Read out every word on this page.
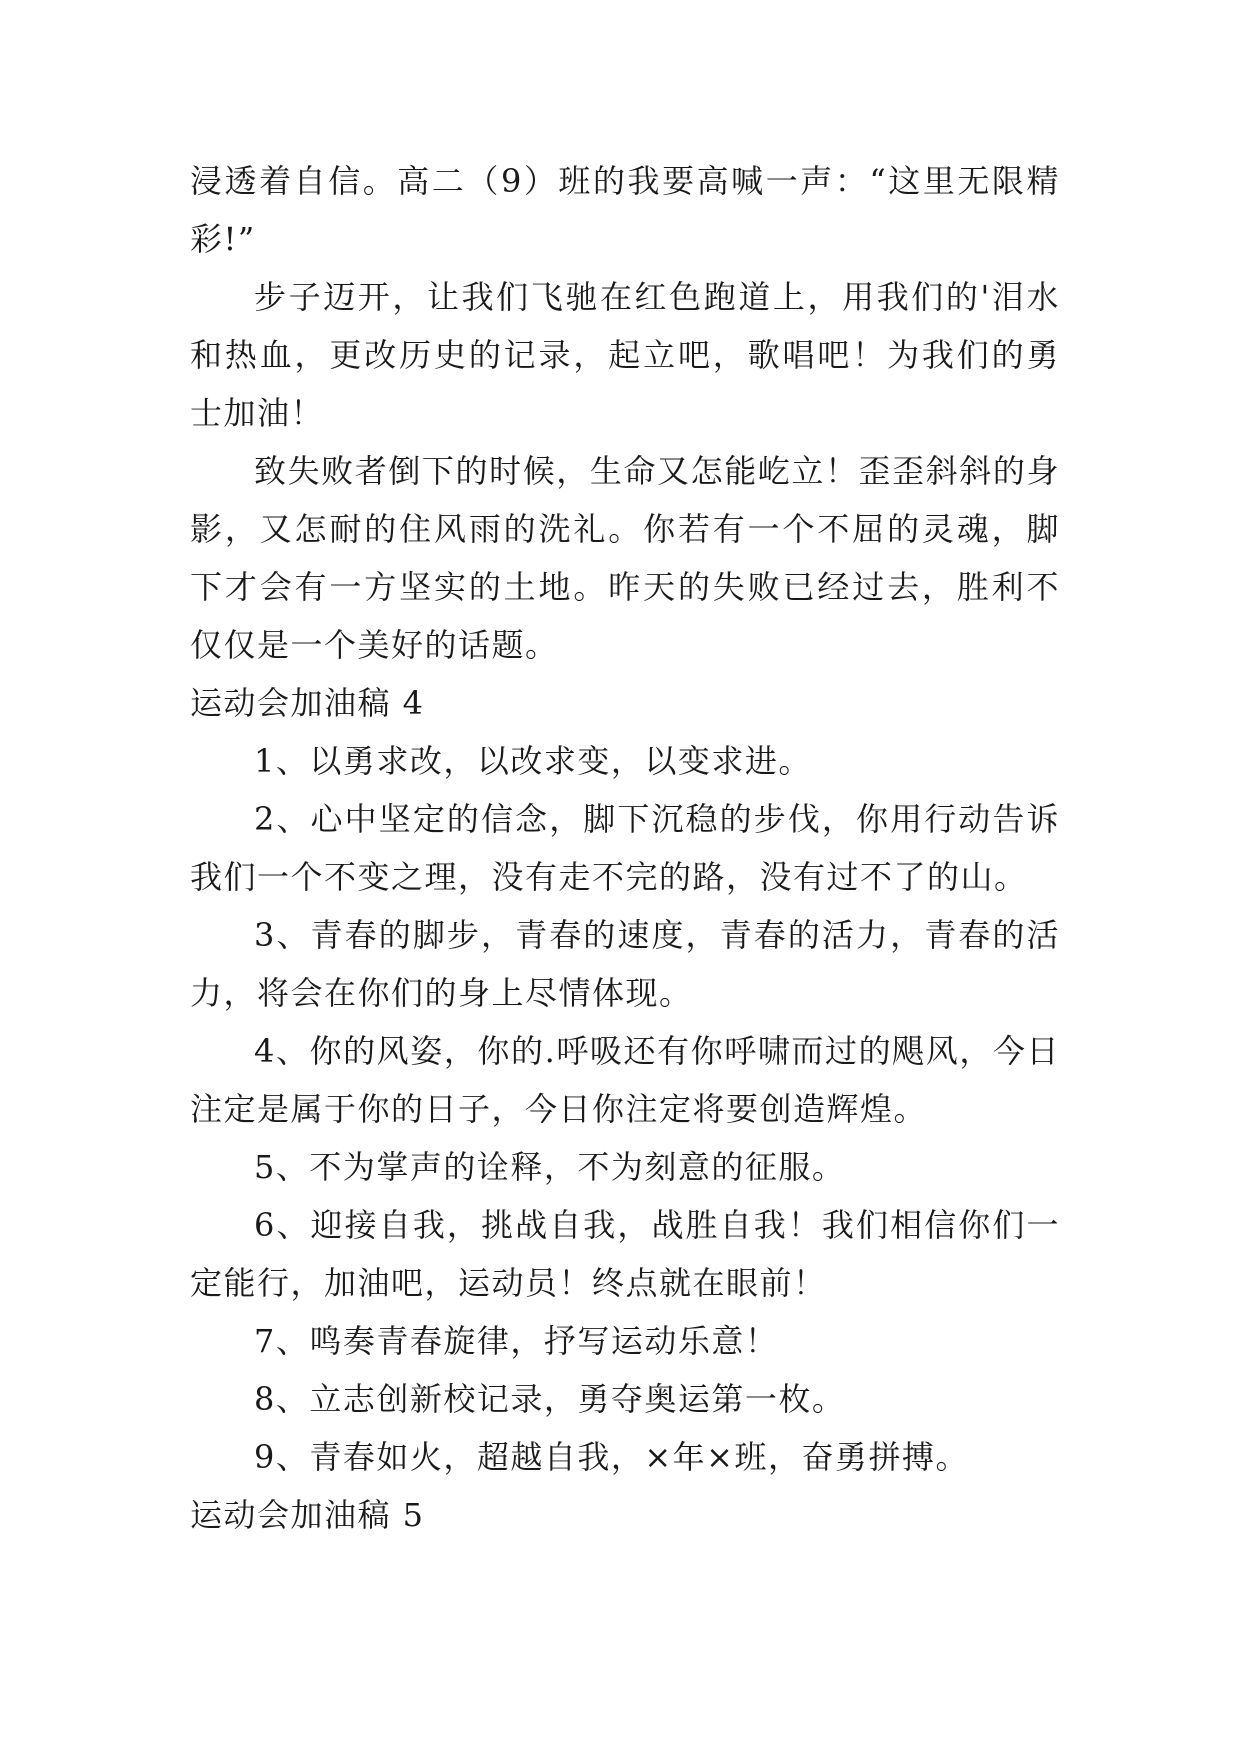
浸透着自信。高二（9）班的我要高喊一声：“这里无限精彩!”

步子迈开，让我们飞驰在红色跑道上，用我们的'泪水和热血，更改历史的记录，起立吧，歌唱吧！为我们的勇士加油！

致失败者倒下的时候，生命又怎能屹立！歪歪斜斜的身影，又怎耐的住风雨的洗礼。你若有一个不屈的灵魂，脚下才会有一方坚实的土地。昨天的失败已经过去，胜利不仅仅是一个美好的话题。

运动会加油稿 4

1、以勇求改，以改求变，以变求进。

2、心中坚定的信念，脚下沉稳的步伐，你用行动告诉我们一个不变之理，没有走不完的路，没有过不了的山。

3、青春的脚步，青春的速度，青春的活力，青春的活力，将会在你们的身上尽情体现。

4、你的风姿，你的.呼吸还有你呼啸而过的飓风，今日注定是属于你的日子，今日你注定将要创造辉煌。

5、不为掌声的诠释，不为刻意的征服。

6、迎接自我，挑战自我，战胜自我！我们相信你们一定能行，加油吧，运动员！终点就在眼前！

7、鸣奏青春旋律，抒写运动乐意！

8、立志创新校记录，勇夺奥运第一枚。

9、青春如火，超越自我，×年×班，奋勇拼搏。

运动会加油稿 5
